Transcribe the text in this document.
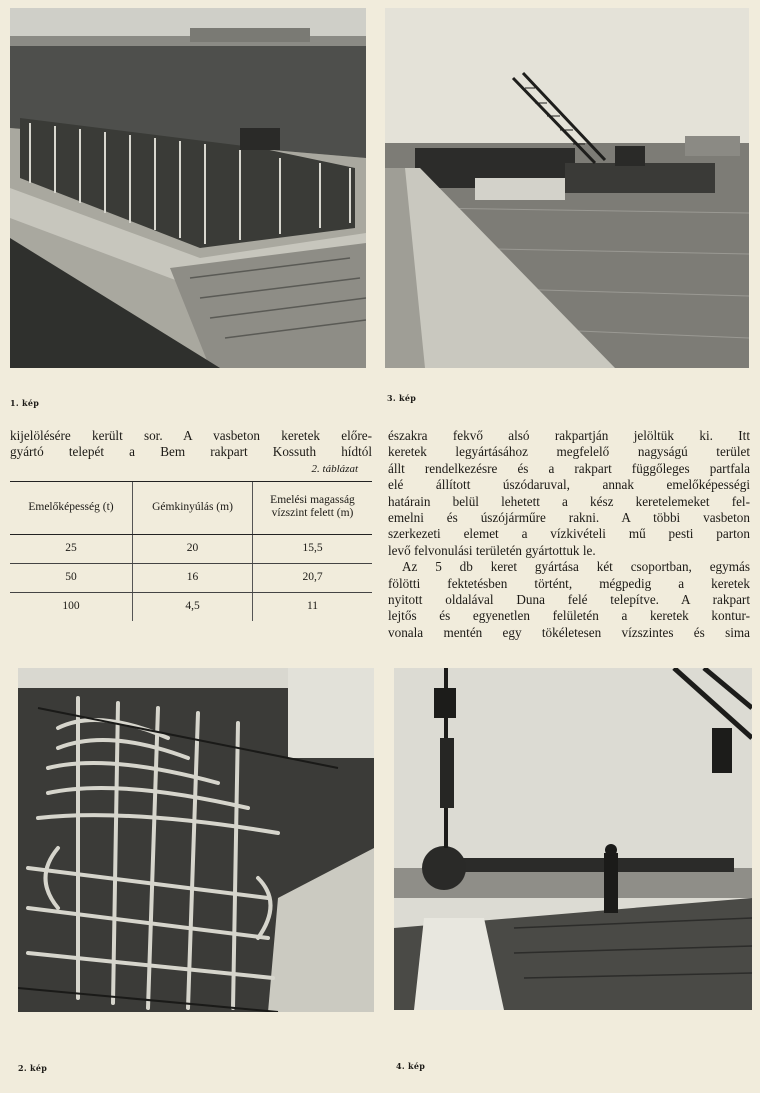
1. kép	3. kép
kijelölésére került sor. A vasbeton keretek előre-
gyártó telepét a Bem rakpart Kossuth hídtól
2. táblázat
Emelőképesség (t)	Gémkinyúlás (m)	Emelési magasság vízszint felett (m)
25	20	15,5
50	16	20,7
100	4,5	11
északra fekvő alsó rakpartján jelöltük ki. Itt
keretek legyártásához megfelelő nagyságú terület
állt rendelkezésre és a rakpart függőleges partfala
elé állított úszódaruval, annak emelőképességi
határain belül lehetett a kész keretelemeket fel-
emelni és úszójárműre rakni. A többi vasbeton
szerkezeti elemet a vízkivételi mű pesti parton
levő felvonulási területén gyártottuk le.
Az 5 db keret gyártása két csoportban, egymás
fölötti fektetésben történt, mégpedig a keretek
nyitott oldalával Duna felé telepítve. A rakpart
lejtős és egyenetlen felületén a keretek kontur-
vonala mentén egy tökéletesen vízszintes és sima
2. kép	4. kép
